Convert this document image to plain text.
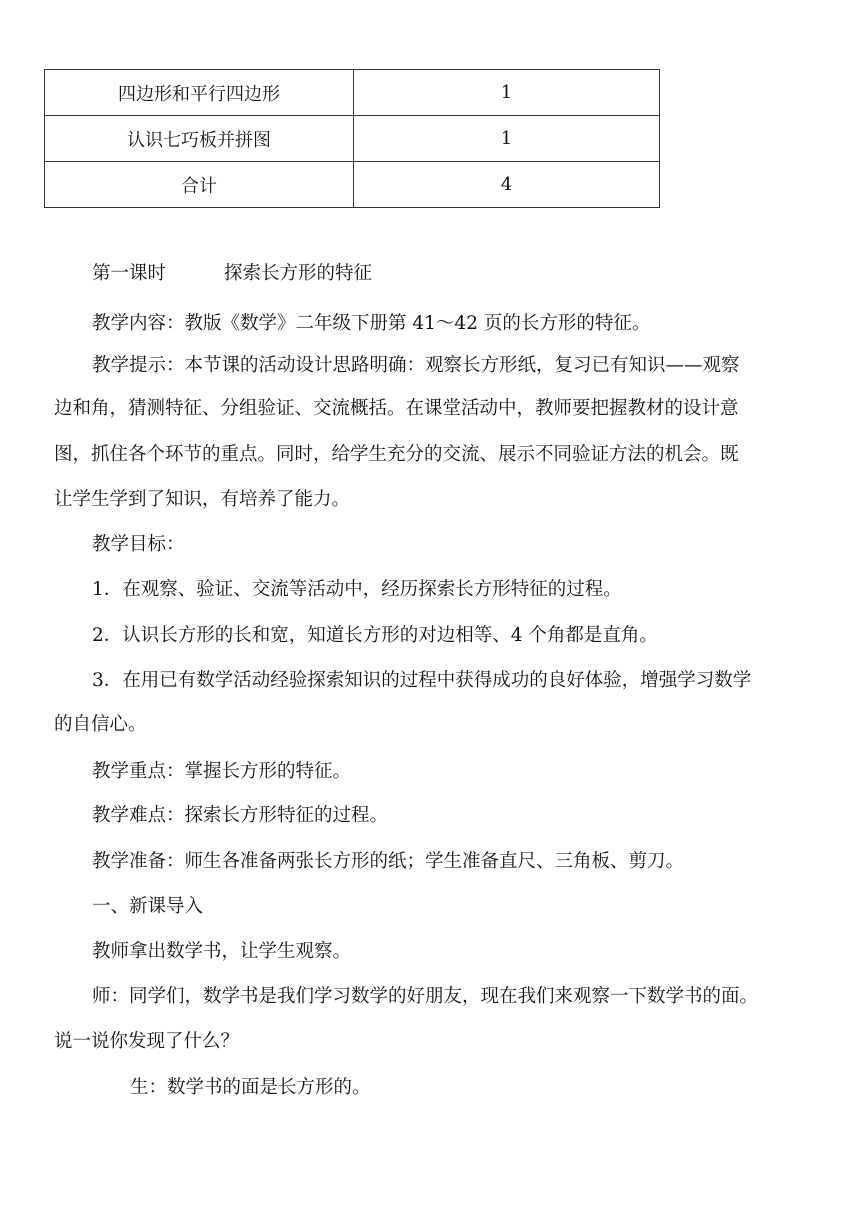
四边形和平行四边形	1
认识七巧板并拼图	1
合计	4
第一课时	探索长方形的特征

教学内容：教版《数学》二年级下册第 41～42 页的长方形的特征。

教学提示：本节课的活动设计思路明确：观察长方形纸，复习已有知识——观察

边和角，猜测特征、分组验证、交流概括。在课堂活动中，教师要把握教材的设计意

图，抓住各个环节的重点。同时，给学生充分的交流、展示不同验证方法的机会。既

让学生学到了知识，有培养了能力。

教学目标：

1．在观察、验证、交流等活动中，经历探索长方形特征的过程。

2．认识长方形的长和宽，知道长方形的对边相等、4 个角都是直角。

3．在用已有数学活动经验探索知识的过程中获得成功的良好体验，增强学习数学

的自信心。

教学重点：掌握长方形的特征。

教学难点：探索长方形特征的过程。

教学准备：师生各准备两张长方形的纸；学生准备直尺、三角板、剪刀。

一、新课导入

教师拿出数学书，让学生观察。

师：同学们，数学书是我们学习数学的好朋友，现在我们来观察一下数学书的面。

说一说你发现了什么？

生：数学书的面是长方形的。
